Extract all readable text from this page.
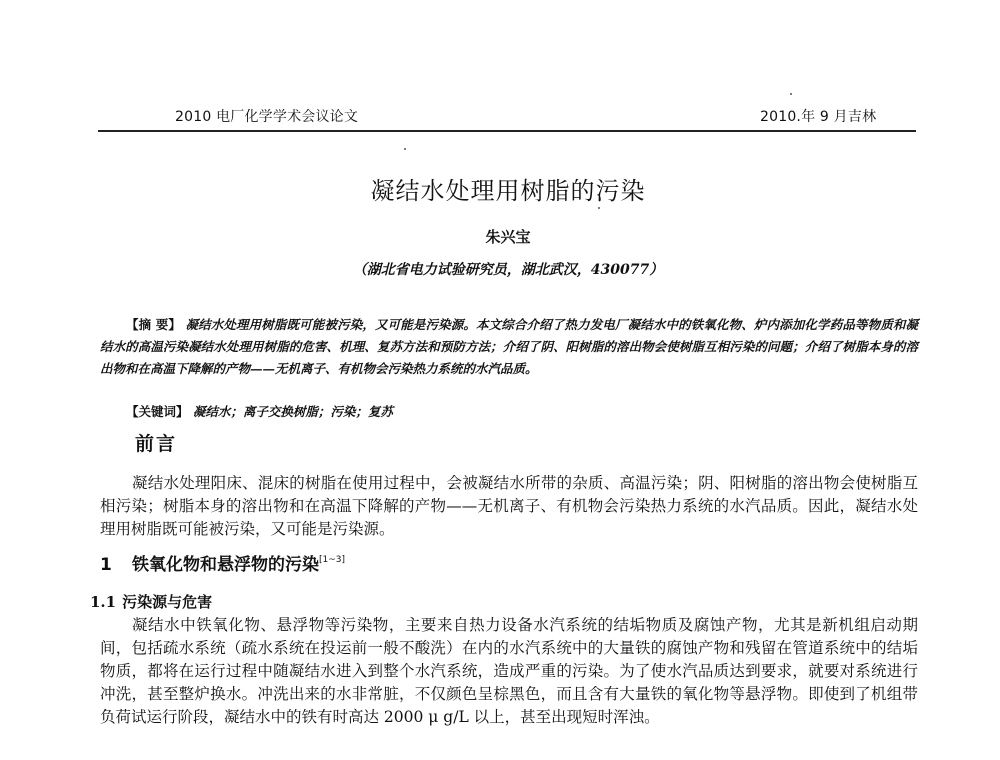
2010 电厂化学学术会议论文	2010.年 9 月吉林
凝结水处理用树脂的污染
朱兴宝
（湖北省电力试验研究员，湖北武汉，430077）
【摘 要】 凝结水处理用树脂既可能被污染，又可能是污染源。本文综合介绍了热力发电厂凝结水中的铁氧化物、炉内添加化学药品等物质和凝结水的高温污染凝结水处理用树脂的危害、机理、复苏方法和预防方法；介绍了阴、阳树脂的溶出物会使树脂互相污染的问题；介绍了树脂本身的溶出物和在高温下降解的产物——无机离子、有机物会污染热力系统的水汽品质。
【关键词】 凝结水；离子交换树脂；污染；复苏
前言
凝结水处理阳床、混床的树脂在使用过程中，会被凝结水所带的杂质、高温污染；阴、阳树脂的溶出物会使树脂互相污染；树脂本身的溶出物和在高温下降解的产物——无机离子、有机物会污染热力系统的水汽品质。因此，凝结水处理用树脂既可能被污染，又可能是污染源。
1 铁氧化物和悬浮物的污染[1~3]
1.1 污染源与危害
凝结水中铁氧化物、悬浮物等污染物，主要来自热力设备水汽系统的结垢物质及腐蚀产物，尤其是新机组启动期间，包括疏水系统（疏水系统在投运前一般不酸洗）在内的水汽系统中的大量铁的腐蚀产物和残留在管道系统中的结垢物质，都将在运行过程中随凝结水进入到整个水汽系统，造成严重的污染。为了使水汽品质达到要求，就要对系统进行冲洗，甚至整炉换水。冲洗出来的水非常脏，不仅颜色呈棕黑色，而且含有大量铁的氧化物等悬浮物。即使到了机组带负荷试运行阶段，凝结水中的铁有时高达 2000 μ g/L 以上，甚至出现短时浑浊。
